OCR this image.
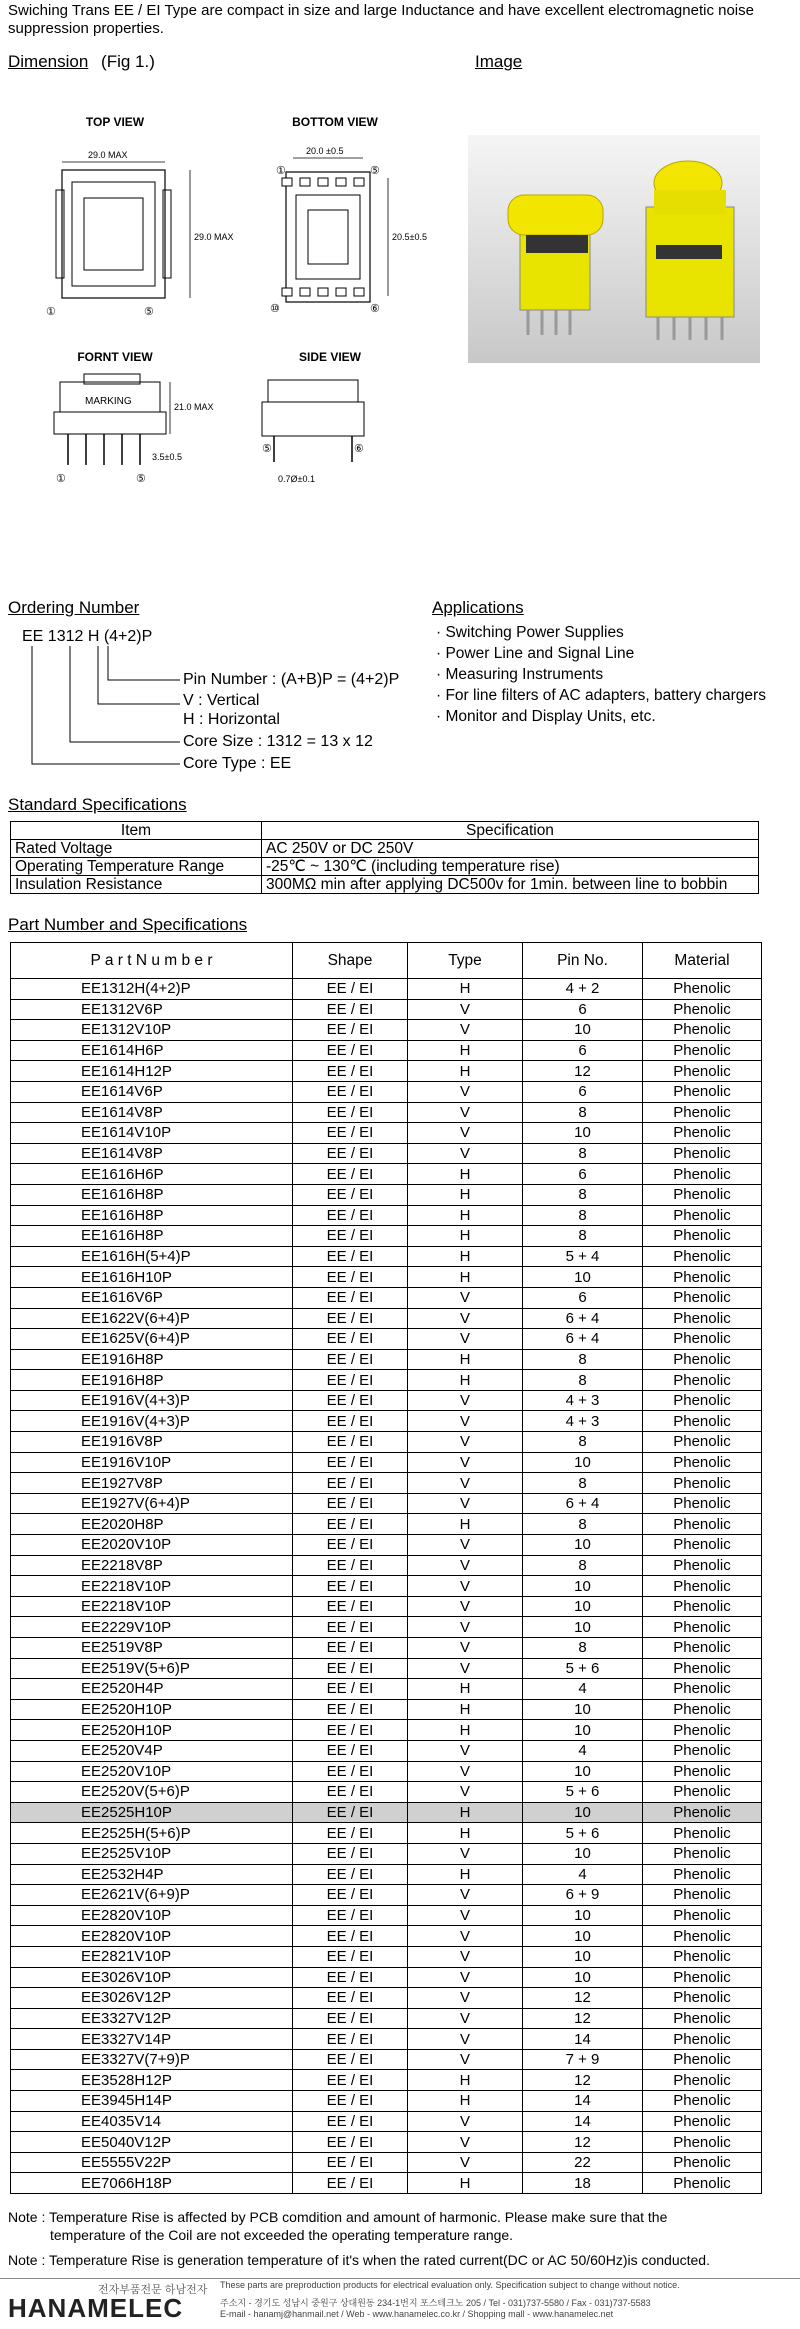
Swiching Trans EE / EI Type are compact in size and large Inductance and have excellent electromagnetic noise suppression properties.
Dimension (Fig 1.)	Image
TOP VIEW	BOTTOM VIEW
FORNT VIEW	SIDE VIEW
29.0 MAX
29.0 MAX
①	⑤
20.0 ±0.5
①	⑤
20.5±0.5
⑩	⑥
MARKING	21.0 MAX
3.5±0.5
①	⑤
⑤	⑥
0.7Ø±0.1
Ordering Number
EE 1312 H (4+2)P
Pin Number : (A+B)P = (4+2)P
V : Vertical
H : Horizontal
Core Size : 1312 = 13 x 12
Core Type : EE
Applications
· Switching Power Supplies
· Power Line and Signal Line
· Measuring Instruments
· For line filters of AC adapters, battery chargers
· Monitor and Display Units, etc.
Standard Specifications
Item	Specification
Rated Voltage	AC 250V or DC 250V
Operating Temperature Range	-25℃ ~ 130℃ (including temperature rise)
Insulation Resistance	300MΩ min after applying DC500v for 1min. between line to bobbin
Part Number and Specifications
P a r t N u m b e r	Shape	Type	Pin No.	Material
EE1312H(4+2)P	EE / EI	H	4 + 2	Phenolic
EE1312V6P	EE / EI	V	6	Phenolic
EE1312V10P	EE / EI	V	10	Phenolic
EE1614H6P	EE / EI	H	6	Phenolic
EE1614H12P	EE / EI	H	12	Phenolic
EE1614V6P	EE / EI	V	6	Phenolic
EE1614V8P	EE / EI	V	8	Phenolic
EE1614V10P	EE / EI	V	10	Phenolic
EE1614V8P	EE / EI	V	8	Phenolic
EE1616H6P	EE / EI	H	6	Phenolic
EE1616H8P	EE / EI	H	8	Phenolic
EE1616H8P	EE / EI	H	8	Phenolic
EE1616H8P	EE / EI	H	8	Phenolic
EE1616H(5+4)P	EE / EI	H	5 + 4	Phenolic
EE1616H10P	EE / EI	H	10	Phenolic
EE1616V6P	EE / EI	V	6	Phenolic
EE1622V(6+4)P	EE / EI	V	6 + 4	Phenolic
EE1625V(6+4)P	EE / EI	V	6 + 4	Phenolic
EE1916H8P	EE / EI	H	8	Phenolic
EE1916H8P	EE / EI	H	8	Phenolic
EE1916V(4+3)P	EE / EI	V	4 + 3	Phenolic
EE1916V(4+3)P	EE / EI	V	4 + 3	Phenolic
EE1916V8P	EE / EI	V	8	Phenolic
EE1916V10P	EE / EI	V	10	Phenolic
EE1927V8P	EE / EI	V	8	Phenolic
EE1927V(6+4)P	EE / EI	V	6 + 4	Phenolic
EE2020H8P	EE / EI	H	8	Phenolic
EE2020V10P	EE / EI	V	10	Phenolic
EE2218V8P	EE / EI	V	8	Phenolic
EE2218V10P	EE / EI	V	10	Phenolic
EE2218V10P	EE / EI	V	10	Phenolic
EE2229V10P	EE / EI	V	10	Phenolic
EE2519V8P	EE / EI	V	8	Phenolic
EE2519V(5+6)P	EE / EI	V	5 + 6	Phenolic
EE2520H4P	EE / EI	H	4	Phenolic
EE2520H10P	EE / EI	H	10	Phenolic
EE2520H10P	EE / EI	H	10	Phenolic
EE2520V4P	EE / EI	V	4	Phenolic
EE2520V10P	EE / EI	V	10	Phenolic
EE2520V(5+6)P	EE / EI	V	5 + 6	Phenolic
EE2525H10P	EE / EI	H	10	Phenolic
EE2525H(5+6)P	EE / EI	H	5 + 6	Phenolic
EE2525V10P	EE / EI	V	10	Phenolic
EE2532H4P	EE / EI	H	4	Phenolic
EE2621V(6+9)P	EE / EI	V	6 + 9	Phenolic
EE2820V10P	EE / EI	V	10	Phenolic
EE2820V10P	EE / EI	V	10	Phenolic
EE2821V10P	EE / EI	V	10	Phenolic
EE3026V10P	EE / EI	V	10	Phenolic
EE3026V12P	EE / EI	V	12	Phenolic
EE3327V12P	EE / EI	V	12	Phenolic
EE3327V14P	EE / EI	V	14	Phenolic
EE3327V(7+9)P	EE / EI	V	7 + 9	Phenolic
EE3528H12P	EE / EI	H	12	Phenolic
EE3945H14P	EE / EI	H	14	Phenolic
EE4035V14	EE / EI	V	14	Phenolic
EE5040V12P	EE / EI	V	12	Phenolic
EE5555V22P	EE / EI	V	22	Phenolic
EE7066H18P	EE / EI	H	18	Phenolic
Note : Temperature Rise is affected by PCB comdition and amount of harmonic. Please make sure that the
temperature of the Coil are not exceeded the operating temperature range.
Note : Temperature Rise is generation temperature of it's when the rated current(DC or AC 50/60Hz)is conducted.
전자부품전문 하남전자
HANAMELEC
These parts are preproduction products for electrical evaluation only. Specification subject to change without notice.
주소지 - 경기도 성남시 중원구 상대원동 234-1번지 포스테크노 205 / Tel - 031)737-5580 / Fax - 031)737-5583
E-mail - hanamj@hanmail.net / Web - www.hanamelec.co.kr / Shopping mall - www.hanamelec.net
